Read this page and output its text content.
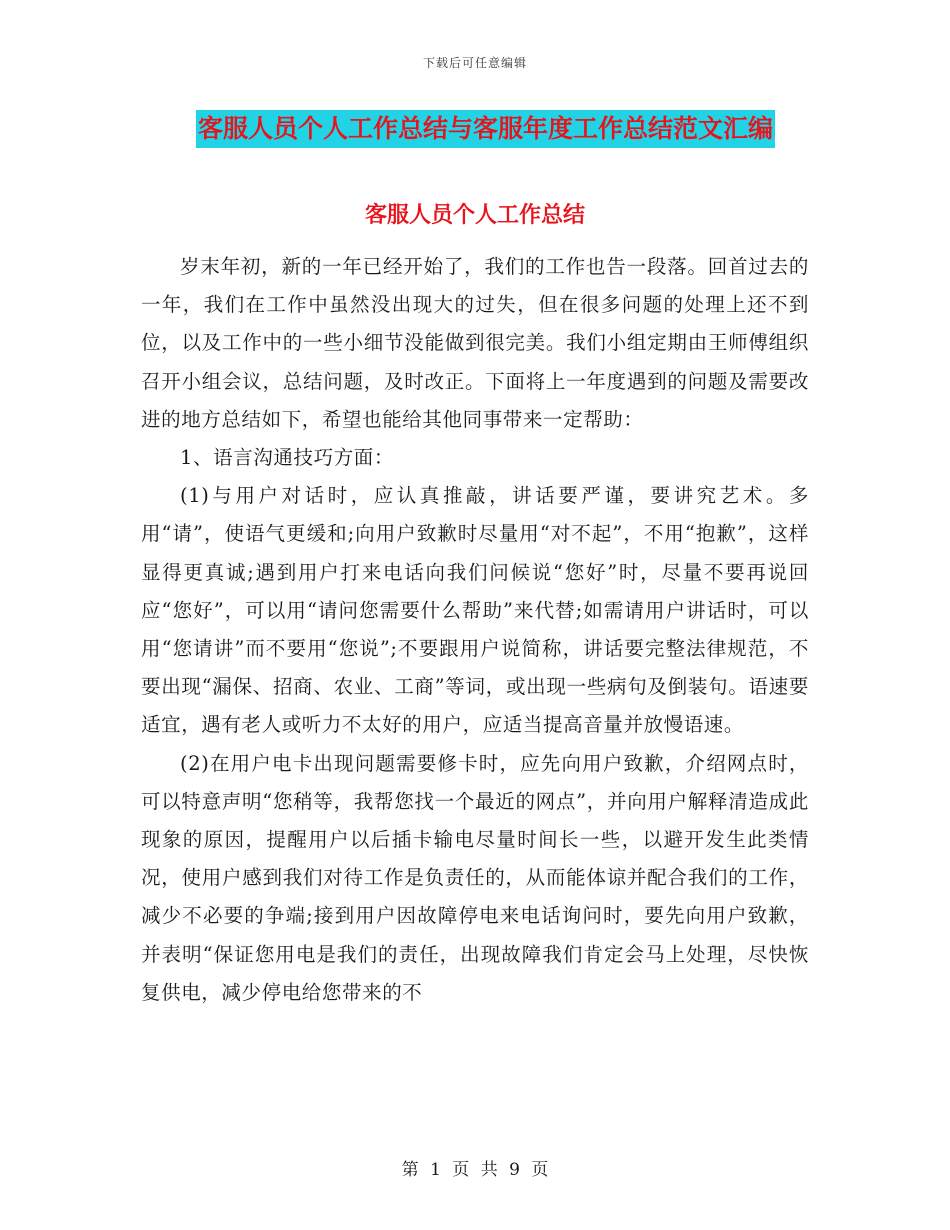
下载后可任意编辑
客服人员个人工作总结与客服年度工作总结范文汇编
客服人员个人工作总结

岁末年初，新的一年已经开始了，我们的工作也告一段落。回首过去的一年，我们在工作中虽然没出现大的过失，但在很多问题的处理上还不到位，以及工作中的一些小细节没能做到很完美。我们小组定期由王师傅组织召开小组会议，总结问题，及时改正。下面将上一年度遇到的问题及需要改进的地方总结如下，希望也能给其他同事带来一定帮助：

1、语言沟通技巧方面：

(1)与用户对话时，应认真推敲，讲话要严谨，要讲究艺术。多用“请”，使语气更缓和;向用户致歉时尽量用“对不起”，不用“抱歉”，这样显得更真诚;遇到用户打来电话向我们问候说“您好”时，尽量不要再说回应“您好”，可以用“请问您需要什么帮助”来代替;如需请用户讲话时，可以用“您请讲”而不要用“您说”;不要跟用户说简称，讲话要完整法律规范，不要出现“漏保、招商、农业、工商”等词，或出现一些病句及倒装句。语速要适宜，遇有老人或听力不太好的用户，应适当提高音量并放慢语速。

(2)在用户电卡出现问题需要修卡时，应先向用户致歉，介绍网点时，可以特意声明“您稍等，我帮您找一个最近的网点”，并向用户解释清造成此现象的原因，提醒用户以后插卡输电尽量时间长一些，以避开发生此类情况，使用户感到我们对待工作是负责任的，从而能体谅并配合我们的工作，减少不必要的争端;接到用户因故障停电来电话询问时，要先向用户致歉，并表明“保证您用电是我们的责任，出现故障我们肯定会马上处理，尽快恢复供电，减少停电给您带来的不

第 1 页 共 9 页
